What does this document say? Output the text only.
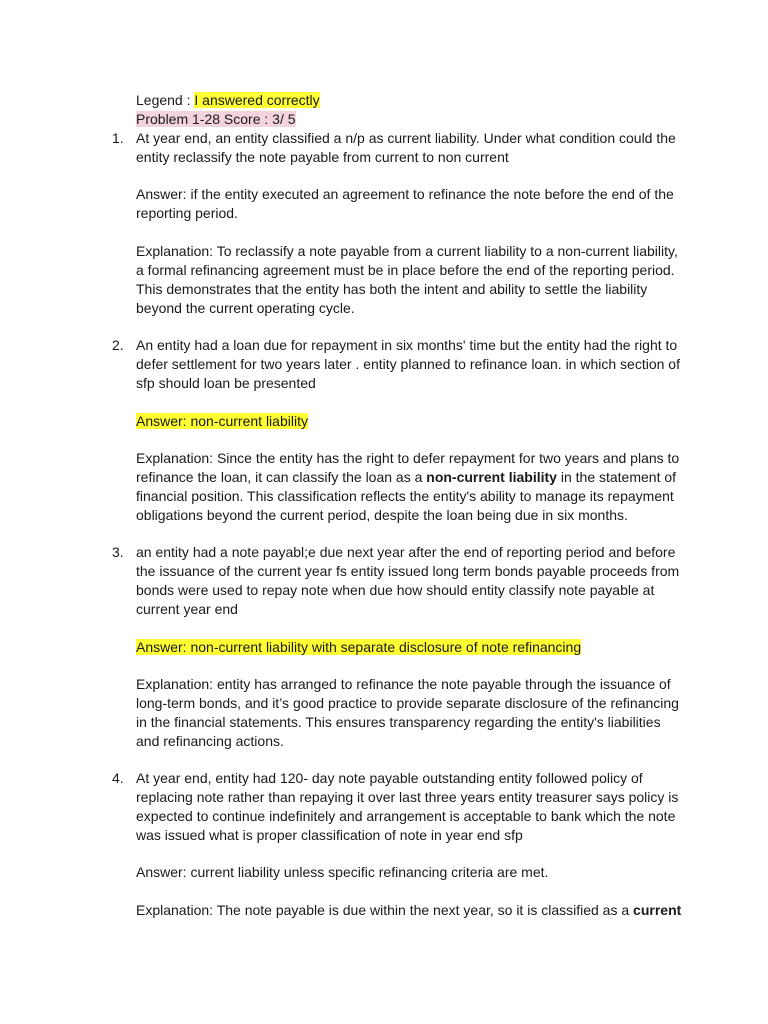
Legend : I answered correctly
Problem 1-28 Score : 3/ 5
1. At year end, an entity classified a n/p as current liability. Under what condition could the
entity reclassify the note payable from current to non current
Answer: if the entity executed an agreement to refinance the note before the end of the
reporting period.
Explanation: To reclassify a note payable from a current liability to a non-current liability,
a formal refinancing agreement must be in place before the end of the reporting period.
This demonstrates that the entity has both the intent and ability to settle the liability
beyond the current operating cycle.
2. An entity had a loan due for repayment in six months' time but the entity had the right to
defer settlement for two years later . entity planned to refinance loan. in which section of
sfp should loan be presented
Answer: non-current liability
Explanation: Since the entity has the right to defer repayment for two years and plans to
refinance the loan, it can classify the loan as a non-current liability in the statement of
financial position. This classification reflects the entity's ability to manage its repayment
obligations beyond the current period, despite the loan being due in six months.
3. an entity had a note payabl;e due next year after the end of reporting period and before
the issuance of the current year fs entity issued long term bonds payable proceeds from
bonds were used to repay note when due how should entity classify note payable at
current year end
Answer: non-current liability with separate disclosure of note refinancing
Explanation: entity has arranged to refinance the note payable through the issuance of
long-term bonds, and it’s good practice to provide separate disclosure of the refinancing
in the financial statements. This ensures transparency regarding the entity's liabilities
and refinancing actions.
4. At year end, entity had 120- day note payable outstanding entity followed policy of
replacing note rather than repaying it over last three years entity treasurer says policy is
expected to continue indefinitely and arrangement is acceptable to bank which the note
was issued what is proper classification of note in year end sfp
Answer: current liability unless specific refinancing criteria are met.
Explanation: The note payable is due within the next year, so it is classified as a current
